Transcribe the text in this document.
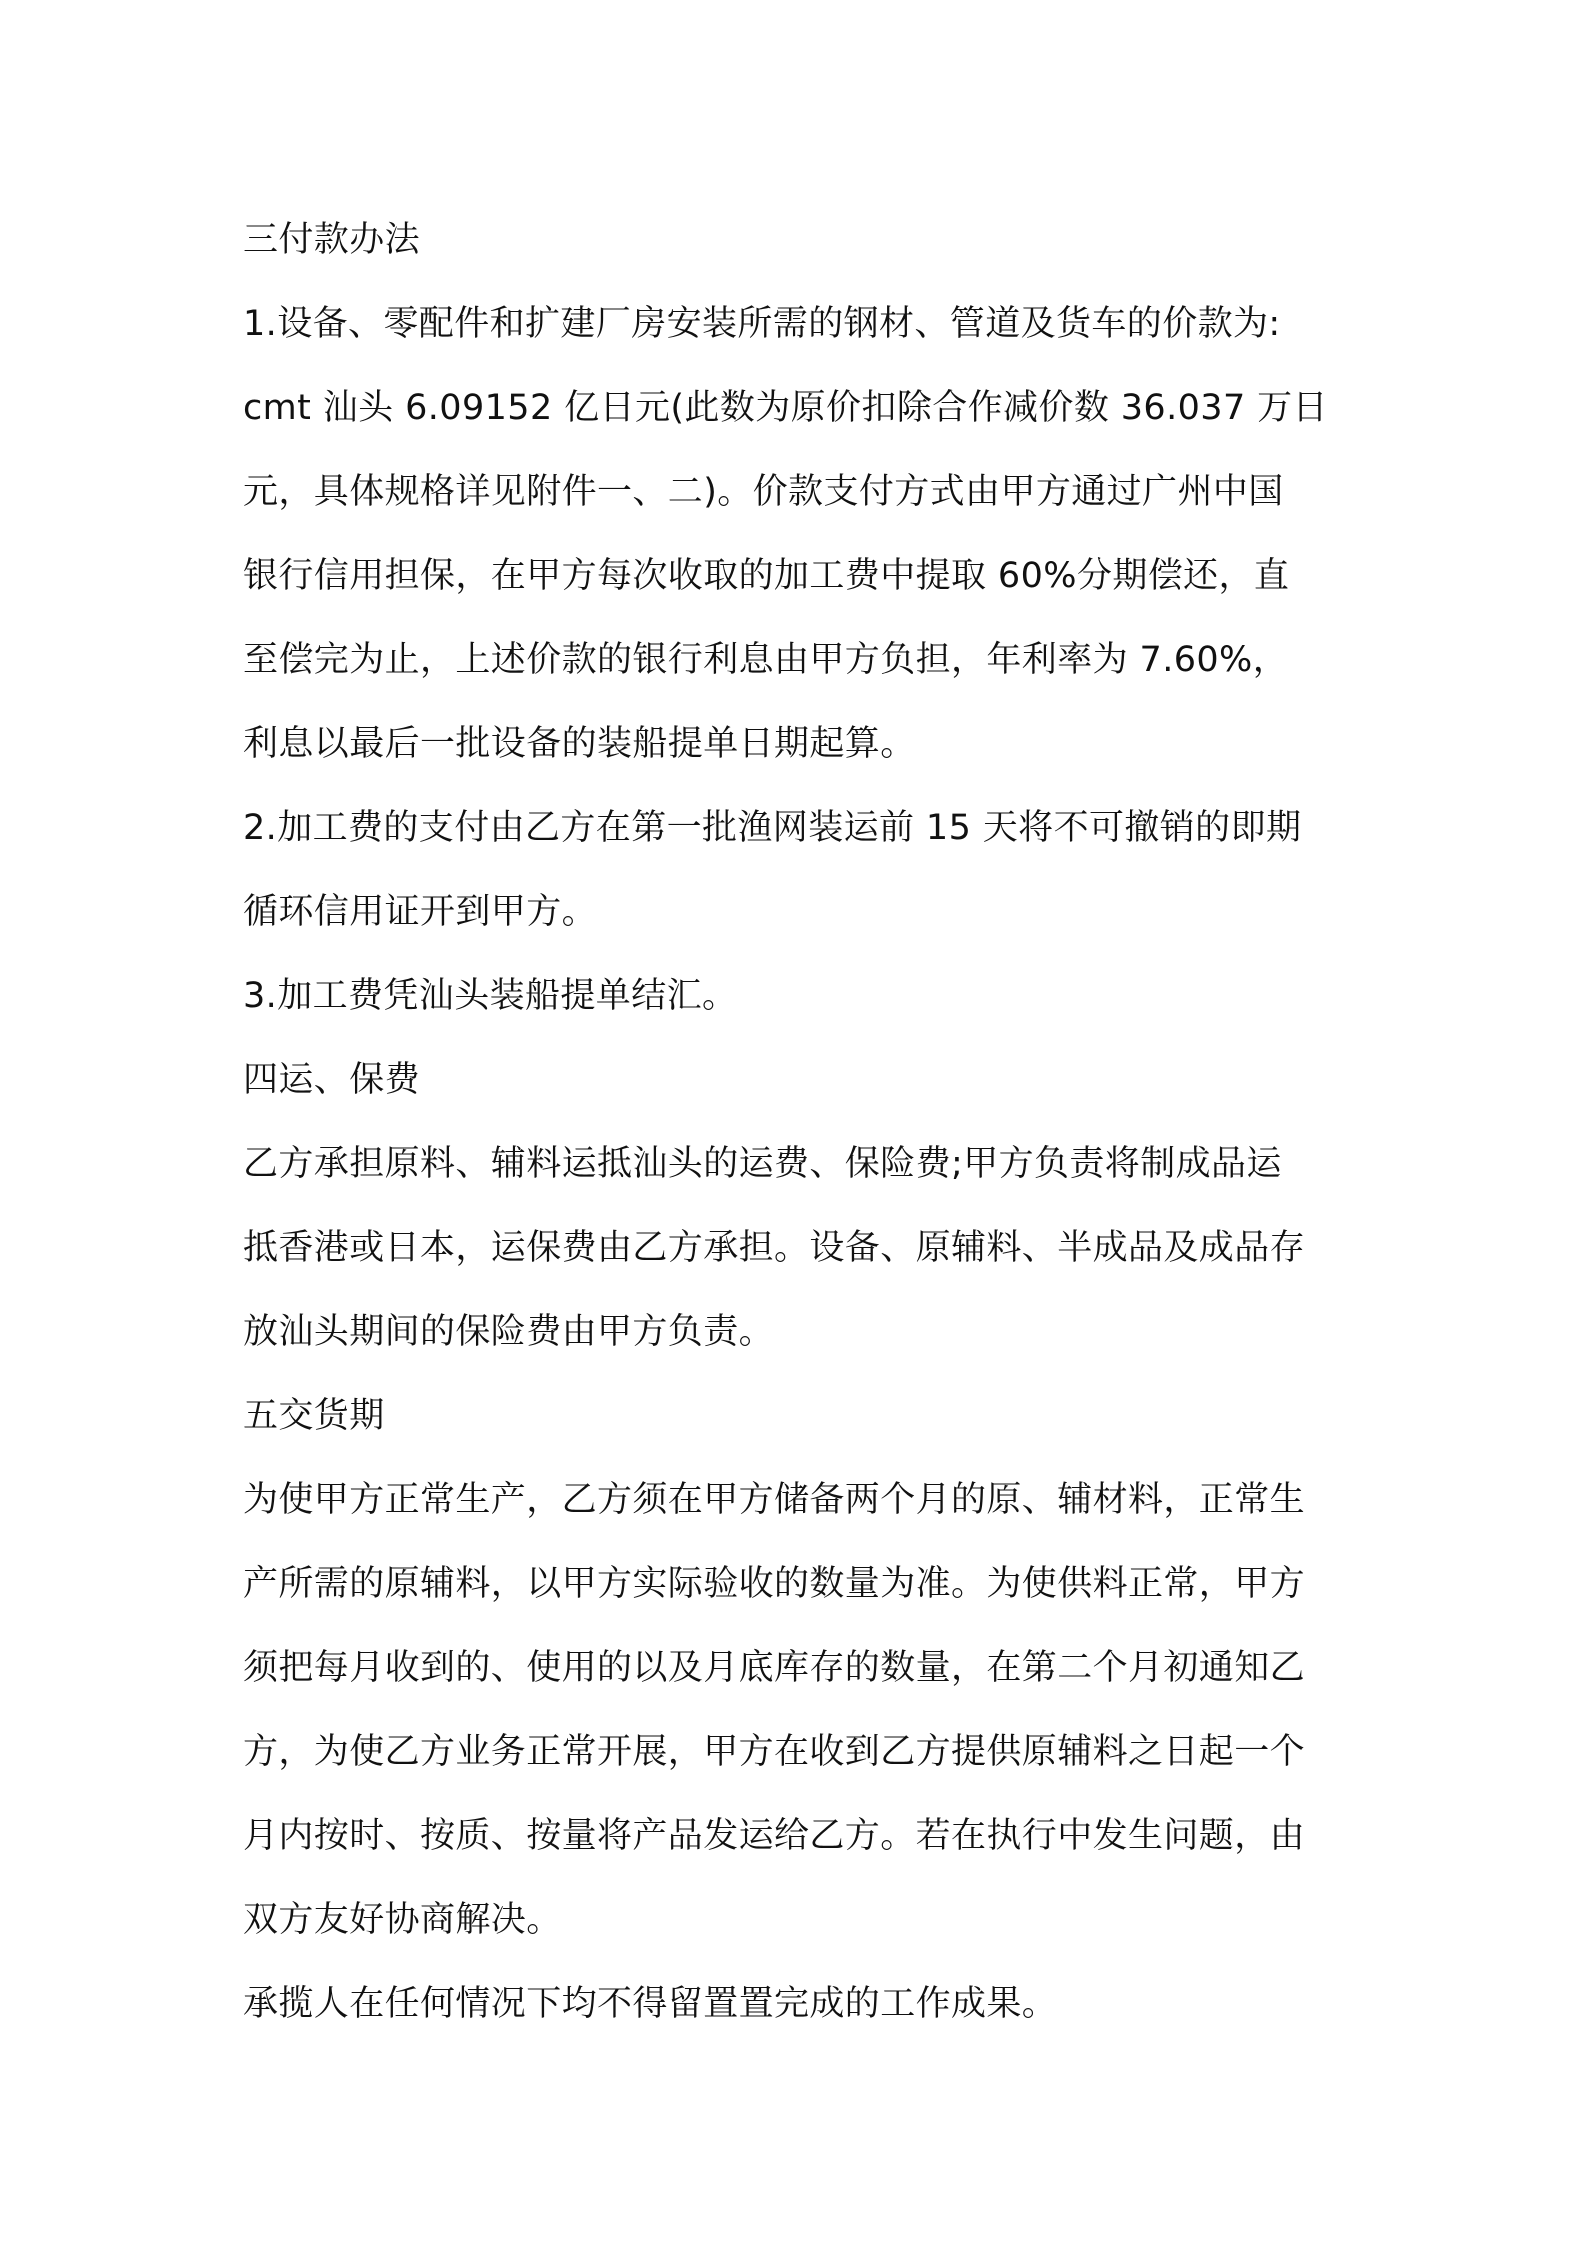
三付款办法
1.设备、零配件和扩建厂房安装所需的钢材、管道及货车的价款为:
cmt 汕头 6.09152 亿日元(此数为原价扣除合作减价数 36.037 万日
元，具体规格详见附件一、二)。价款支付方式由甲方通过广州中国
银行信用担保，在甲方每次收取的加工费中提取 60%分期偿还，直
至偿完为止，上述价款的银行利息由甲方负担，年利率为 7.60%，
利息以最后一批设备的装船提单日期起算。
2.加工费的支付由乙方在第一批渔网装运前 15 天将不可撤销的即期
循环信用证开到甲方。
3.加工费凭汕头装船提单结汇。
四运、保费
乙方承担原料、辅料运抵汕头的运费、保险费;甲方负责将制成品运
抵香港或日本，运保费由乙方承担。设备、原辅料、半成品及成品存
放汕头期间的保险费由甲方负责。
五交货期
为使甲方正常生产，乙方须在甲方储备两个月的原、辅材料，正常生
产所需的原辅料，以甲方实际验收的数量为准。为使供料正常，甲方
须把每月收到的、使用的以及月底库存的数量，在第二个月初通知乙
方，为使乙方业务正常开展，甲方在收到乙方提供原辅料之日起一个
月内按时、按质、按量将产品发运给乙方。若在执行中发生问题，由
双方友好协商解决。
承揽人在任何情况下均不得留置置完成的工作成果。
